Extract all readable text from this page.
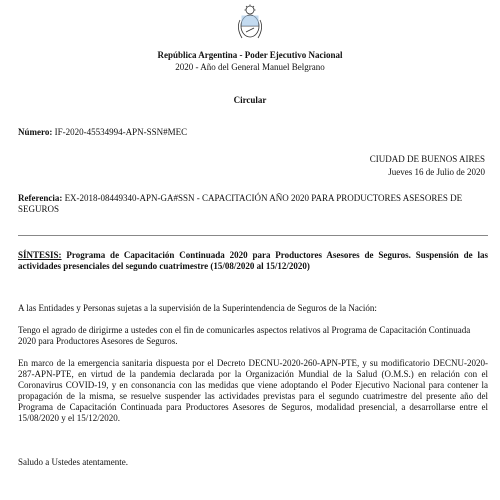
República Argentina - Poder Ejecutivo Nacional
2020 - Año del General Manuel Belgrano
Circular
Número: IF-2020-45534994-APN-SSN#MEC
CIUDAD DE BUENOS AIRES
Jueves 16 de Julio de 2020
Referencia: EX-2018-08449340-APN-GA#SSN - CAPACITACIÓN AÑO 2020 PARA PRODUCTORES ASESORES DE SEGUROS
SÍNTESIS: Programa de Capacitación Continuada 2020 para Productores Asesores de Seguros. Suspensión de las actividades presenciales del segundo cuatrimestre (15/08/2020 al 15/12/2020)
A las Entidades y Personas sujetas a la supervisión de la Superintendencia de Seguros de la Nación:
Tengo el agrado de dirigirme a ustedes con el fin de comunicarles aspectos relativos al Programa de Capacitación Continuada 2020 para Productores Asesores de Seguros.
En marco de la emergencia sanitaria dispuesta por el Decreto DECNU-2020-260-APN-PTE, y su modificatorio DECNU-2020-287-APN-PTE, en virtud de la pandemia declarada por la Organización Mundial de la Salud (O.M.S.) en relación con el Coronavirus COVID-19, y en consonancia con las medidas que viene adoptando el Poder Ejecutivo Nacional para contener la propagación de la misma, se resuelve suspender las actividades previstas para el segundo cuatrimestre del presente año del Programa de Capacitación Continuada para Productores Asesores de Seguros, modalidad presencial, a desarrollarse entre el 15/08/2020 y el 15/12/2020.
Saludo a Ustedes atentamente.
